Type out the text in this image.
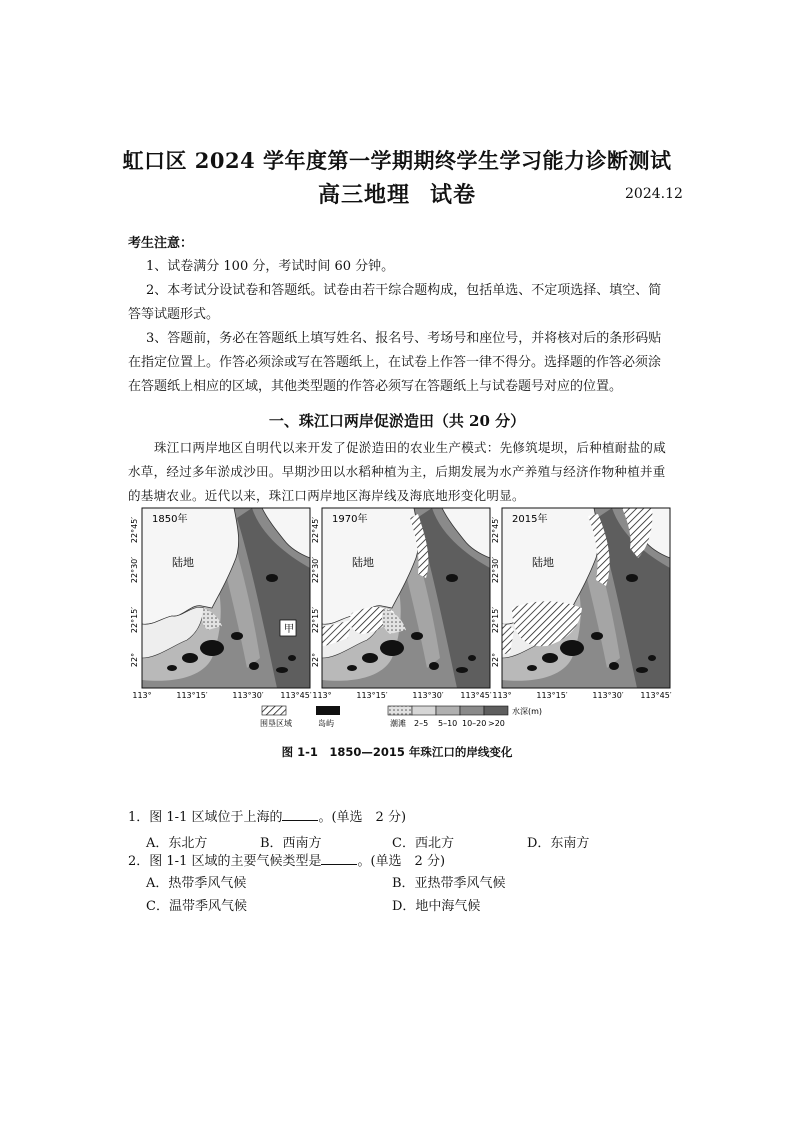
虹口区 2024 学年度第一学期期终学生学习能力诊断测试
高三地理 试卷	2024.12
考生注意：
1、试卷满分 100 分，考试时间 60 分钟。
2、本考试分设试卷和答题纸。试卷由若干综合题构成，包括单选、不定项选择、填空、简答等试题形式。
3、答题前，务必在答题纸上填写姓名、报名号、考场号和座位号，并将核对后的条形码贴在指定位置上。作答必须涂或写在答题纸上，在试卷上作答一律不得分。选择题的作答必须涂在答题纸上相应的区域，其他类型题的作答必须写在答题纸上与试卷题号对应的位置。
一、珠江口两岸促淤造田（共 20 分）
珠江口两岸地区自明代以来开发了促淤造田的农业生产模式：先修筑堤坝，后种植耐盐的咸水草，经过多年淤成沙田。早期沙田以水稻种植为主，后期发展为水产养殖与经济作物种植并重的基塘农业。近代以来，珠江口两岸地区海岸线及海底地形变化明显。
1850年
陆地
甲
1970年
陆地
2015年
陆地
22°45′
22°30′
22°15′
22°
22°45′
22°30′
22°15′
22°
22°45′
22°30′
22°15′
22°
113°	113°15′	113°30′ 113°45′ 113°	113°15′	113°30′ 113°45′ 113°	113°15′	113°30′ 113°45′
围垦区域	岛屿
水深(m)
潮滩 2–5 5–10 10–20 >20
图 1-1　1850—2015 年珠江口的岸线变化
1．图 1-1 区域位于上海的	。(单选　2 分)
A．东北方	B．西南方	C．西北方	D．东南方
2．图 1-1 区域的主要气候类型是	。(单选　2 分)
A．热带季风气候	B．亚热带季风气候
C．温带季风气候	D．地中海气候
